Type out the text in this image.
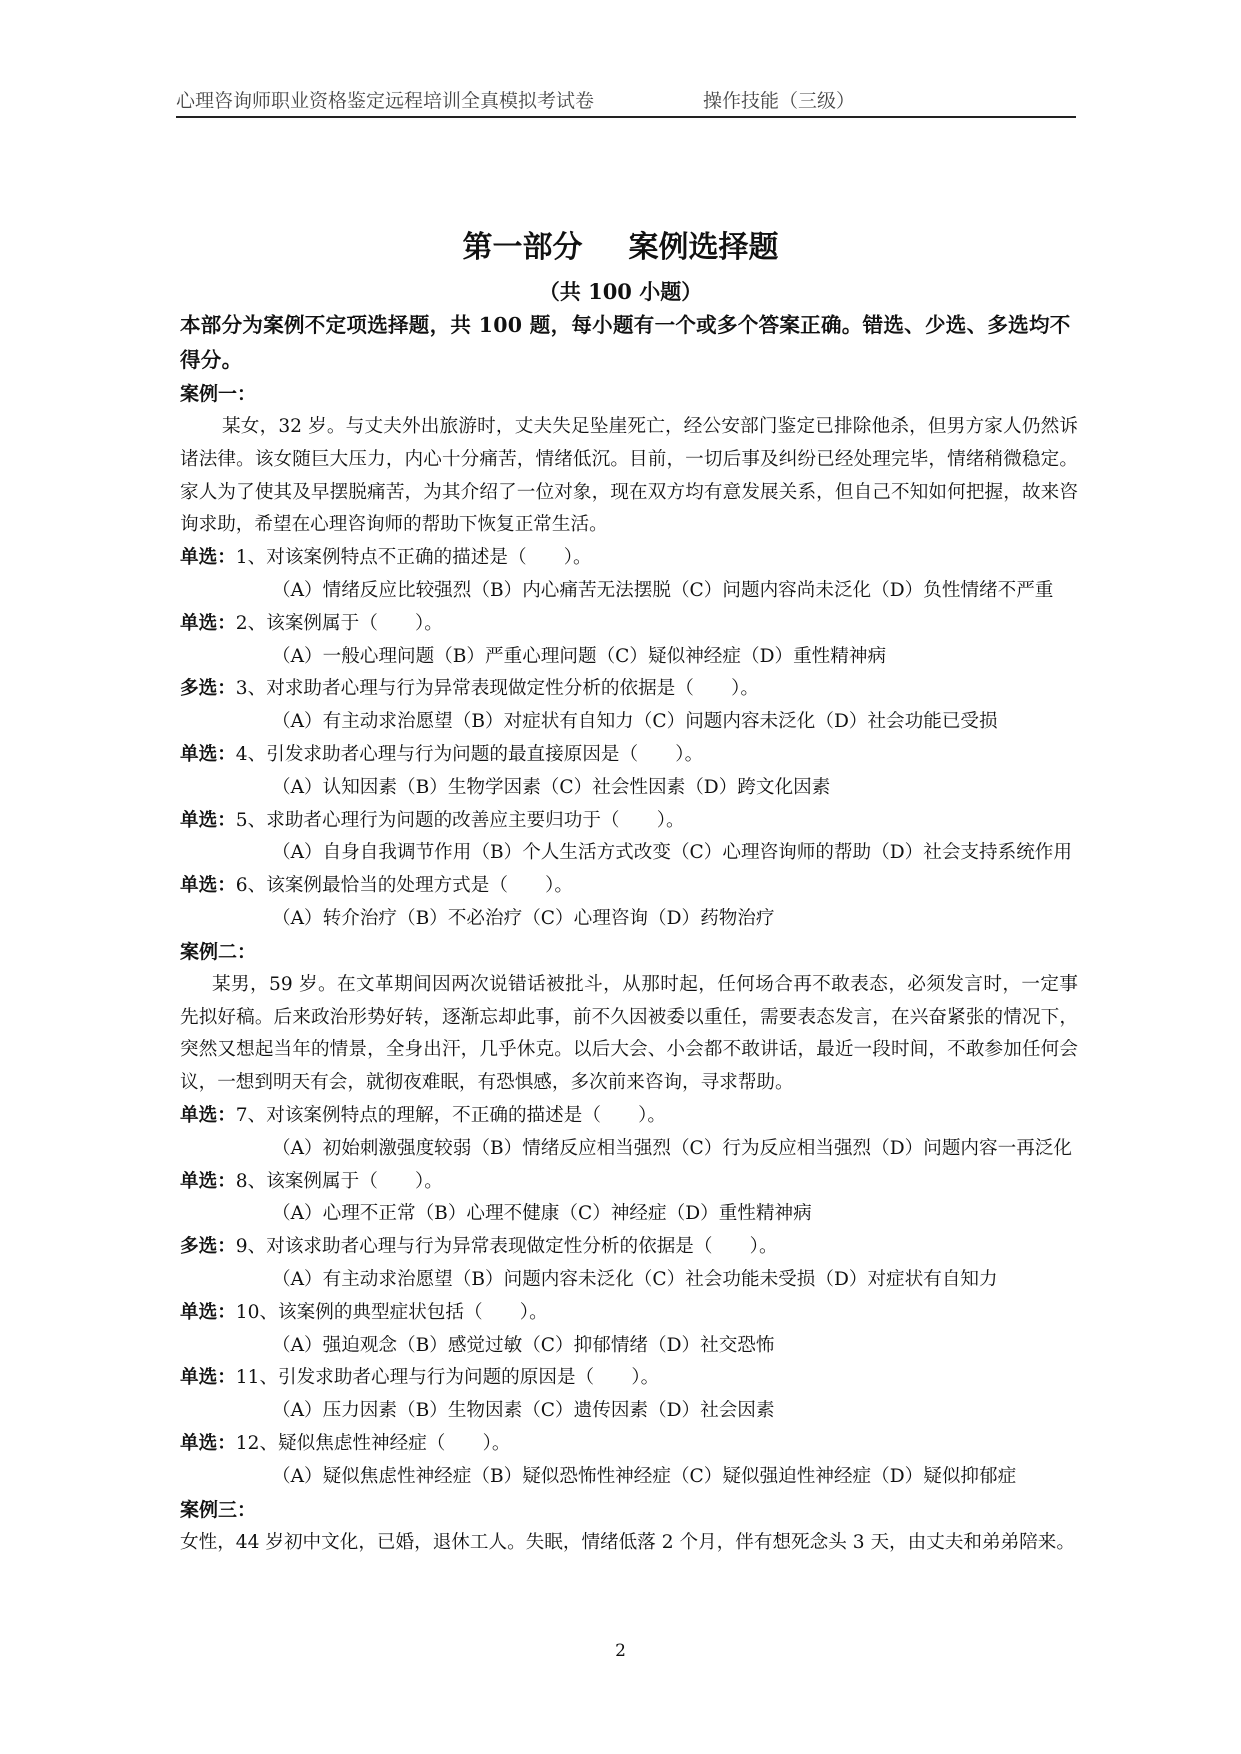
心理咨询师职业资格鉴定远程培训全真模拟考试卷	操作技能（三级）
第一部分 案例选择题
（共 100 小题）

本部分为案例不定项选择题，共 100 题，每小题有一个或多个答案正确。错选、少选、多选均不得分。

案例一：

某女，32 岁。与丈夫外出旅游时，丈夫失足坠崖死亡，经公安部门鉴定已排除他杀，但男方家人仍然诉诸法律。该女随巨大压力，内心十分痛苦，情绪低沉。目前，一切后事及纠纷已经处理完毕，情绪稍微稳定。家人为了使其及早摆脱痛苦，为其介绍了一位对象，现在双方均有意发展关系，但自己不知如何把握，故来咨询求助，希望在心理咨询师的帮助下恢复正常生活。

单选：1、对该案例特点不正确的描述是（　　）。

（A）情绪反应比较强烈（B）内心痛苦无法摆脱（C）问题内容尚未泛化（D）负性情绪不严重

单选：2、该案例属于（　　）。

（A）一般心理问题（B）严重心理问题（C）疑似神经症（D）重性精神病

多选：3、对求助者心理与行为异常表现做定性分析的依据是（　　）。

（A）有主动求治愿望（B）对症状有自知力（C）问题内容未泛化（D）社会功能已受损

单选：4、引发求助者心理与行为问题的最直接原因是（　　）。

（A）认知因素（B）生物学因素（C）社会性因素（D）跨文化因素

单选：5、求助者心理行为问题的改善应主要归功于（　　）。

（A）自身自我调节作用（B）个人生活方式改变（C）心理咨询师的帮助（D）社会支持系统作用

单选：6、该案例最恰当的处理方式是（　　）。

（A）转介治疗（B）不必治疗（C）心理咨询（D）药物治疗

案例二：

某男，59 岁。在文革期间因两次说错话被批斗，从那时起，任何场合再不敢表态，必须发言时，一定事先拟好稿。后来政治形势好转，逐渐忘却此事，前不久因被委以重任，需要表态发言，在兴奋紧张的情况下，突然又想起当年的情景，全身出汗，几乎休克。以后大会、小会都不敢讲话，最近一段时间，不敢参加任何会议，一想到明天有会，就彻夜难眠，有恐惧感，多次前来咨询，寻求帮助。

单选：7、对该案例特点的理解，不正确的描述是（　　）。

（A）初始刺激强度较弱（B）情绪反应相当强烈（C）行为反应相当强烈（D）问题内容一再泛化

单选：8、该案例属于（　　）。

（A）心理不正常（B）心理不健康（C）神经症（D）重性精神病

多选：9、对该求助者心理与行为异常表现做定性分析的依据是（　　）。

（A）有主动求治愿望（B）问题内容未泛化（C）社会功能未受损（D）对症状有自知力

单选：10、该案例的典型症状包括（　　）。

（A）强迫观念（B）感觉过敏（C）抑郁情绪（D）社交恐怖

单选：11、引发求助者心理与行为问题的原因是（　　）。

（A）压力因素（B）生物因素（C）遗传因素（D）社会因素

单选：12、疑似焦虑性神经症（　　）。

（A）疑似焦虑性神经症（B）疑似恐怖性神经症（C）疑似强迫性神经症（D）疑似抑郁症

案例三：

女性，44 岁初中文化，已婚，退休工人。失眠，情绪低落 2 个月，伴有想死念头 3 天，由丈夫和弟弟陪来。

2
